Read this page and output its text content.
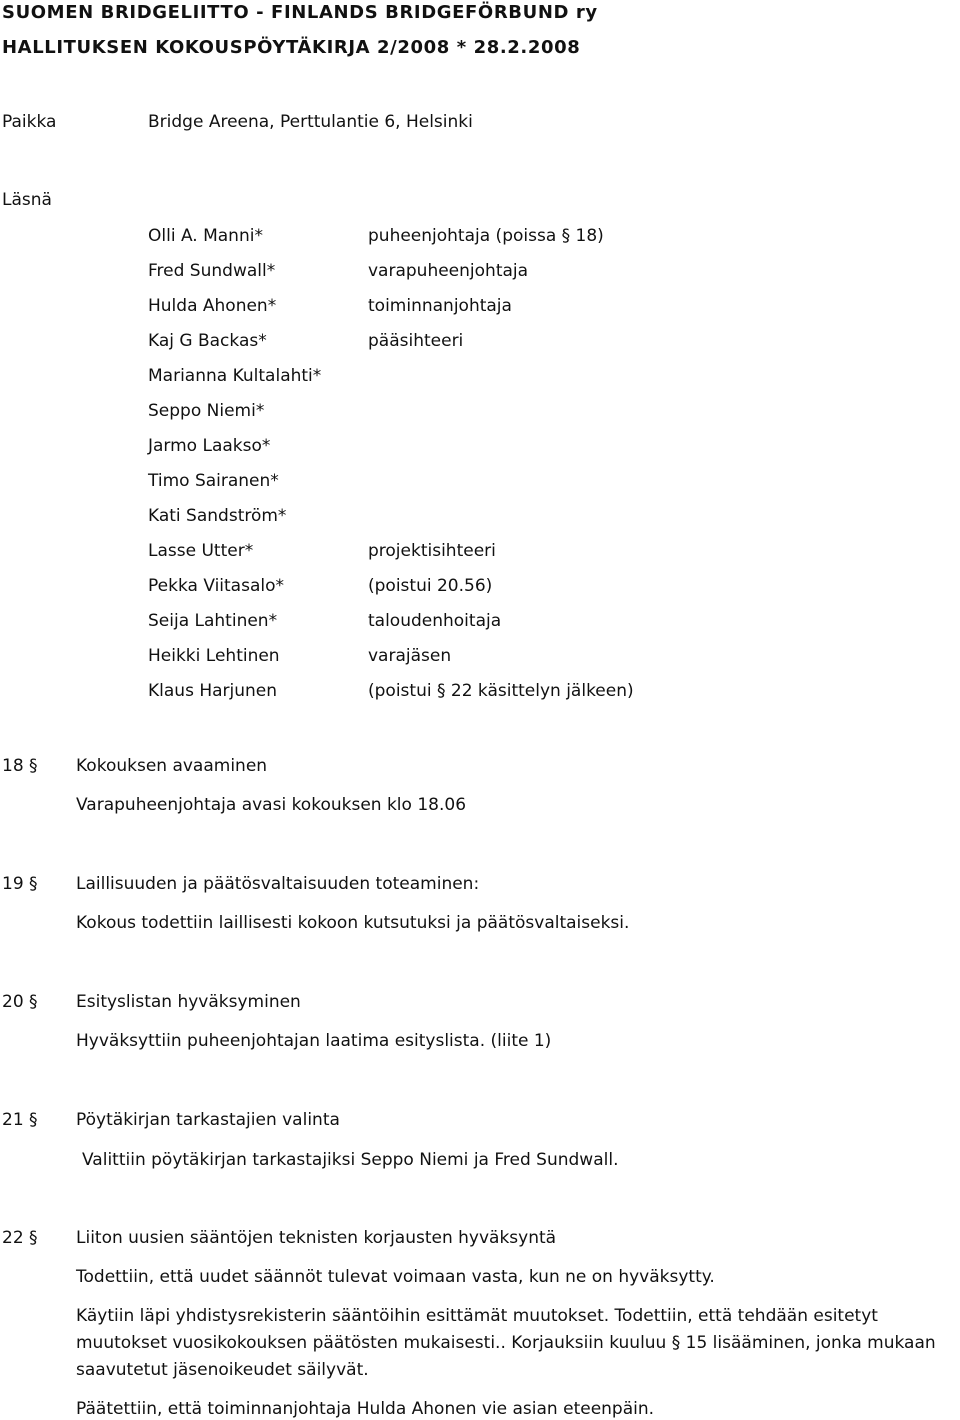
SUOMEN BRIDGELIITTO - FINLANDS BRIDGEFÖRBUND ry
HALLITUKSEN KOKOUSPÖYTÄKIRJA 2/2008 * 28.2.2008
Paikka	Bridge Areena, Perttulantie 6, Helsinki
Läsnä
Olli A. Manni*	puheenjohtaja (poissa § 18)
Fred Sundwall*	varapuheenjohtaja
Hulda Ahonen*	toiminnanjohtaja
Kaj G Backas*	pääsihteeri
Marianna Kultalahti*
Seppo Niemi*
Jarmo Laakso*
Timo Sairanen*
Kati Sandström*
Lasse Utter*	projektisihteeri
Pekka Viitasalo*	(poistui 20.56)
Seija Lahtinen*	taloudenhoitaja
Heikki Lehtinen	varajäsen
Klaus Harjunen	(poistui § 22 käsittelyn jälkeen)
18 § Kokouksen avaaminen
Varapuheenjohtaja avasi kokouksen klo 18.06
19 § Laillisuuden ja päätösvaltaisuuden toteaminen:
Kokous todettiin laillisesti kokoon kutsutuksi ja päätösvaltaiseksi.
20 § Esityslistan hyväksyminen
Hyväksyttiin puheenjohtajan laatima esityslista. (liite 1)
21 § Pöytäkirjan tarkastajien valinta
Valittiin pöytäkirjan tarkastajiksi Seppo Niemi ja Fred Sundwall.
22 § Liiton uusien sääntöjen teknisten korjausten hyväksyntä
Todettiin, että uudet säännöt tulevat voimaan vasta, kun ne on hyväksytty.
Käytiin läpi yhdistysrekisterin sääntöihin esittämät muutokset. Todettiin, että tehdään esitetyt muutokset vuosikokouksen päätösten mukaisesti.. Korjauksiin kuuluu § 15 lisääminen, jonka mukaan saavutetut jäsenoikeudet säilyvät.
Päätettiin, että toiminnanjohtaja Hulda Ahonen vie asian eteenpäin.
